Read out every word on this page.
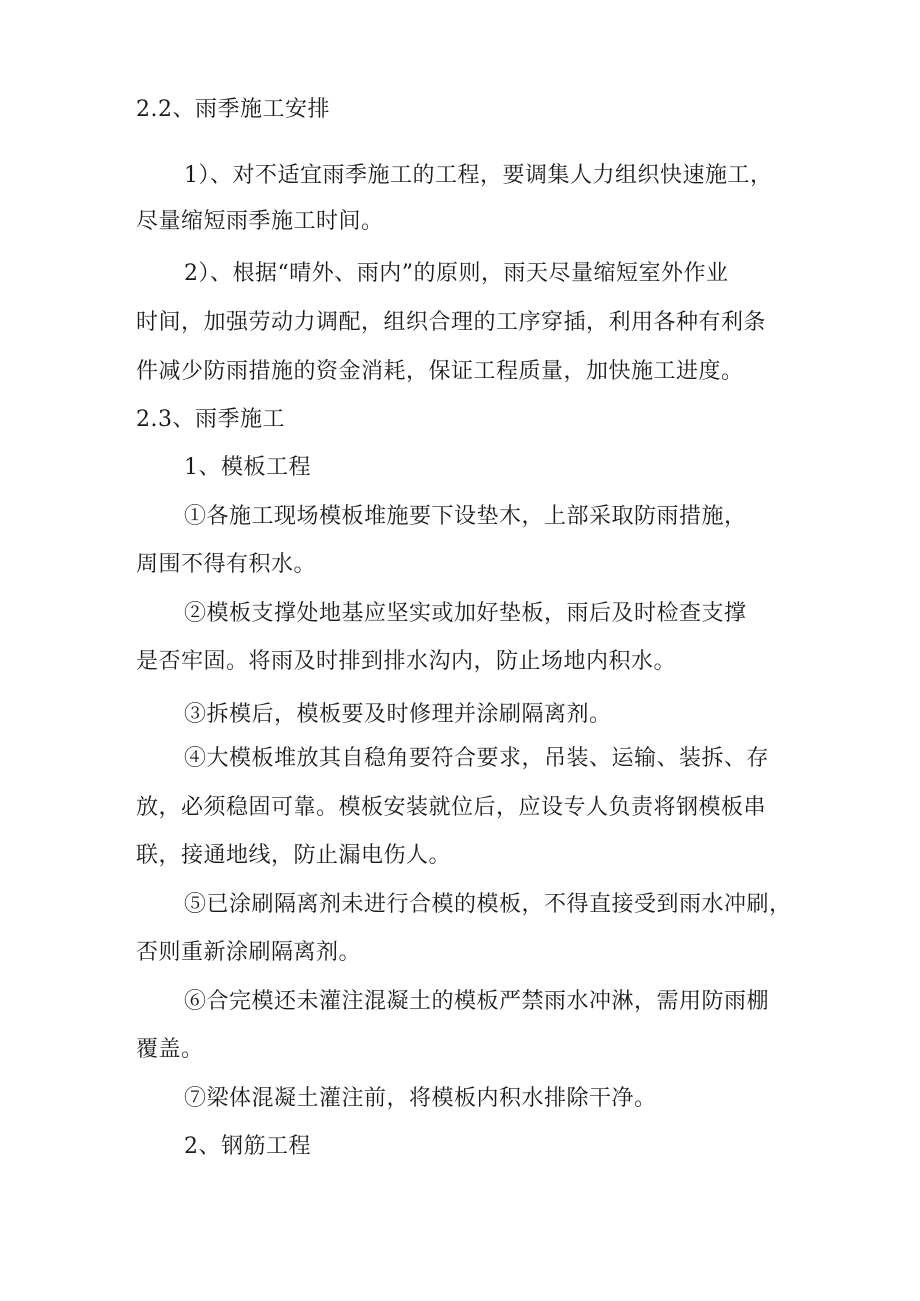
2.2、雨季施工安排

1）、对不适宜雨季施工的工程，要调集人力组织快速施工，

尽量缩短雨季施工时间。

2）、根据“晴外、雨内”的原则，雨天尽量缩短室外作业

时间，加强劳动力调配，组织合理的工序穿插，利用各种有利条

件减少防雨措施的资金消耗，保证工程质量，加快施工进度。

2.3、雨季施工

1、模板工程

①各施工现场模板堆施要下设垫木，上部采取防雨措施，

周围不得有积水。

②模板支撑处地基应坚实或加好垫板，雨后及时检查支撑

是否牢固。将雨及时排到排水沟内，防止场地内积水。

③拆模后，模板要及时修理并涂刷隔离剂。

④大模板堆放其自稳角要符合要求，吊装、运输、装拆、存

放，必须稳固可靠。模板安装就位后，应设专人负责将钢模板串

联，接通地线，防止漏电伤人。

⑤已涂刷隔离剂未进行合模的模板，不得直接受到雨水冲刷，

否则重新涂刷隔离剂。

⑥合完模还未灌注混凝土的模板严禁雨水冲淋，需用防雨棚

覆盖。

⑦梁体混凝土灌注前，将模板内积水排除干净。

2、钢筋工程
